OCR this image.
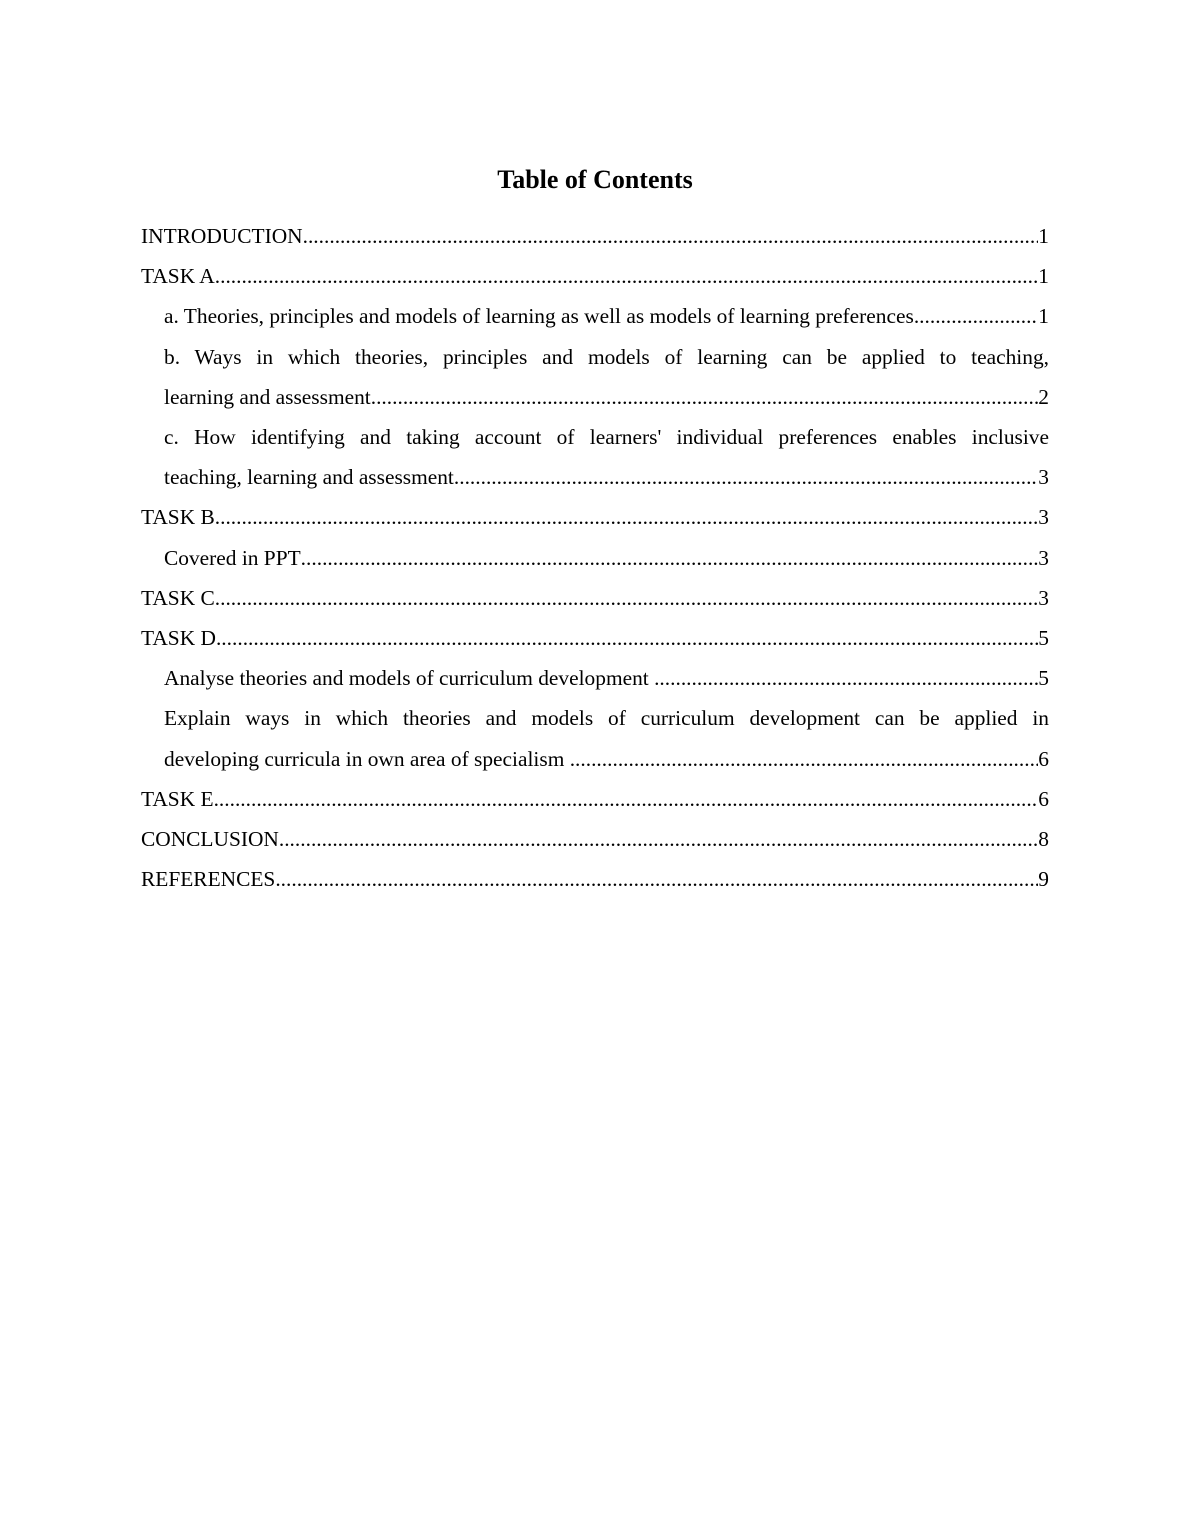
Table of Contents
INTRODUCTION .....	1
TASK A .....	1
a. Theories, principles and models of learning as well as models of learning preferences .....	1
b. Ways in which theories, principles and models of learning can be applied to teaching,
learning and assessment .....	2
c. How identifying and taking account of learners' individual preferences enables inclusive
teaching, learning and assessment .....	3
TASK B .....	3
Covered in PPT .....	3
TASK C .....	3
TASK D .....	5
Analyse theories and models of curriculum development .....	5
Explain ways in which theories and models of curriculum development can be applied in
developing curricula in own area of specialism .....	6
TASK E .....	6
CONCLUSION .....	8
REFERENCES .....	9
